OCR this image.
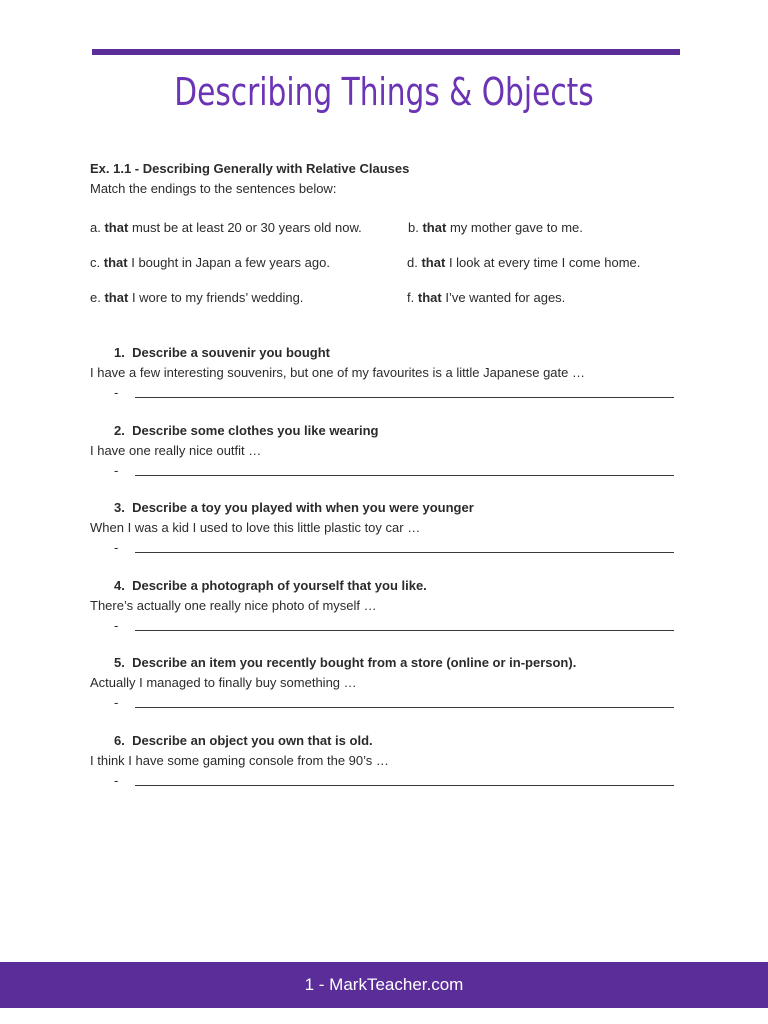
Describing Things & Objects
Ex. 1.1 - Describing Generally with Relative Clauses
Match the endings to the sentences below:
a. that must be at least 20 or 30 years old now.	b. that my mother gave to me.
c. that I bought in Japan a few years ago.	d. that I look at every time I come home.
e. that I wore to my friends’ wedding.	f. that I’ve wanted for ages.
1. Describe a souvenir you bought
I have a few interesting souvenirs, but one of my favourites is a little Japanese gate …
-
2. Describe some clothes you like wearing
I have one really nice outfit …
-
3. Describe a toy you played with when you were younger
When I was a kid I used to love this little plastic toy car …
-
4. Describe a photograph of yourself that you like.
There’s actually one really nice photo of myself …
-
5. Describe an item you recently bought from a store (online or in-person).
Actually I managed to finally buy something …
-
6. Describe an object you own that is old.
I think I have some gaming console from the 90’s …
-
1 - MarkTeacher.com
